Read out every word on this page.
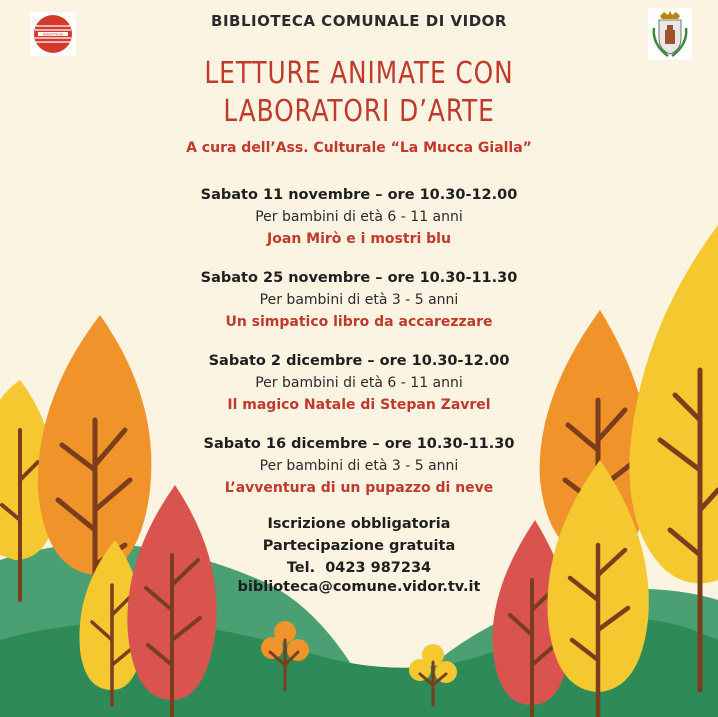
BIBLIOTECA
BIBLIOTECA COMUNALE DI VIDOR
LETTURE ANIMATE CON
LABORATORI D’ARTE
A cura dell’Ass. Culturale “La Mucca Gialla”
Sabato 11 novembre – ore 10.30-12.00
Per bambini di età 6 - 11 anni
Joan Mirò e i mostri blu
Sabato 25 novembre – ore 10.30-11.30
Per bambini di età 3 - 5 anni
Un simpatico libro da accarezzare
Sabato 2 dicembre – ore 10.30-12.00
Per bambini di età 6 - 11 anni
Il magico Natale di Stepan Zavrel
Sabato 16 dicembre – ore 10.30-11.30
Per bambini di età 3 - 5 anni
L’avventura di un pupazzo di neve
Iscrizione obbligatoria
Partecipazione gratuita
Tel.  0423 987234
biblioteca@comune.vidor.tv.it
